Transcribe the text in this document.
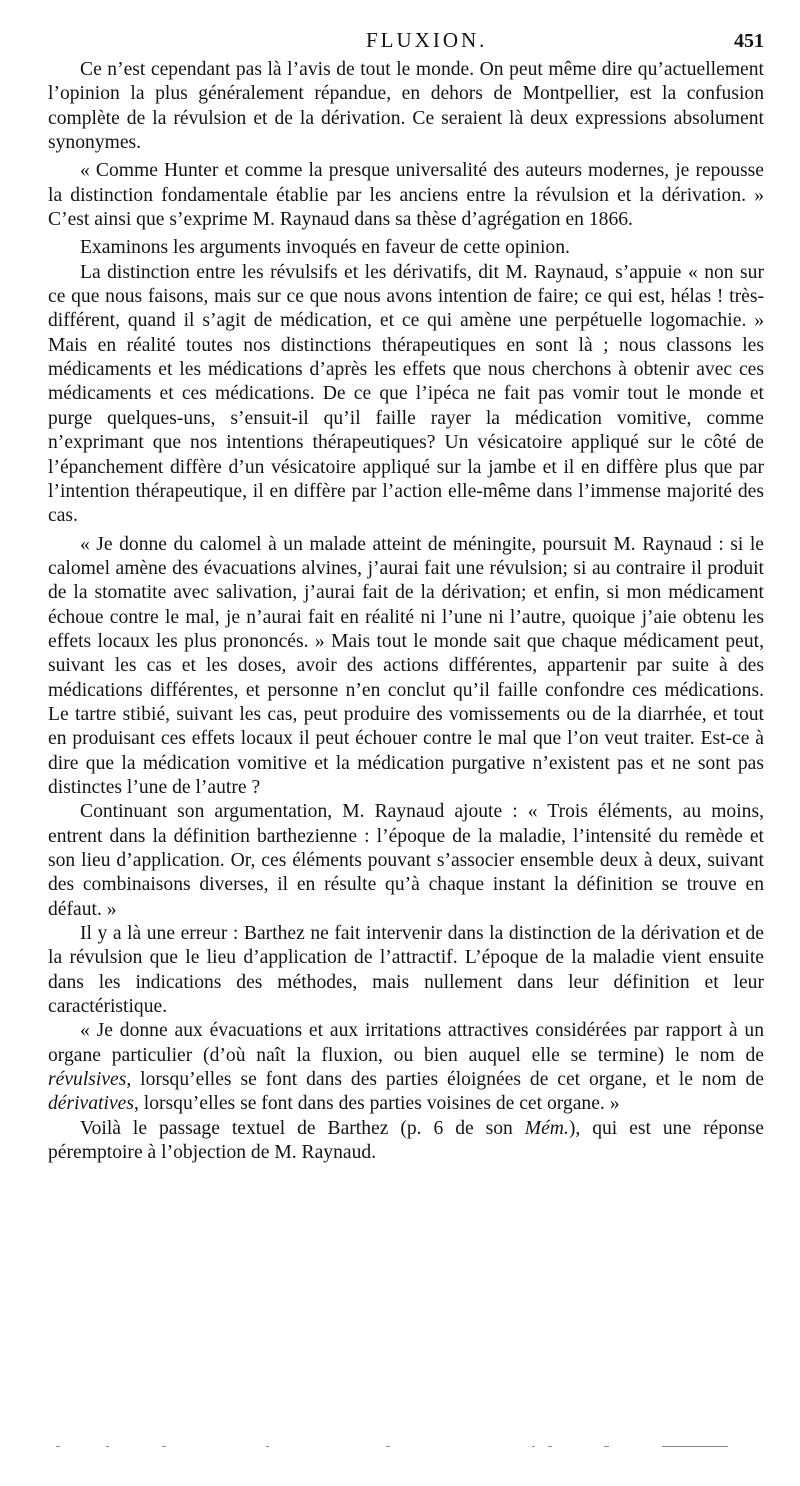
FLUXION.	451

Ce n’est cependant pas là l’avis de tout le monde. On peut même dire qu’actuellement l’opinion la plus généralement répandue, en dehors de Montpellier, est la confusion complète de la révulsion et de la dérivation. Ce seraient là deux expressions absolument synonymes.

« Comme Hunter et comme la presque universalité des auteurs modernes, je repousse la distinction fondamentale établie par les anciens entre la révulsion et la dérivation. » C’est ainsi que s’exprime M. Raynaud dans sa thèse d’agrégation en 1866.

Examinons les arguments invoqués en faveur de cette opinion.

La distinction entre les révulsifs et les dérivatifs, dit M. Raynaud, s’appuie « non sur ce que nous faisons, mais sur ce que nous avons intention de faire; ce qui est, hélas ! très-différent, quand il s’agit de médication, et ce qui amène une perpétuelle logomachie. » Mais en réalité toutes nos distinctions thérapeutiques en sont là ; nous classons les médicaments et les médications d’après les effets que nous cherchons à obtenir avec ces médicaments et ces médications. De ce que l’ipéca ne fait pas vomir tout le monde et purge quelques-uns, s’ensuit-il qu’il faille rayer la médication vomitive, comme n’exprimant que nos intentions thérapeutiques? Un vésicatoire appliqué sur le côté de l’épanchement diffère d’un vésicatoire appliqué sur la jambe et il en diffère plus que par l’intention thérapeutique, il en diffère par l’action elle-même dans l’immense majorité des cas.

« Je donne du calomel à un malade atteint de méningite, poursuit M. Raynaud : si le calomel amène des évacuations alvines, j’aurai fait une révulsion; si au contraire il produit de la stomatite avec salivation, j’aurai fait de la dérivation; et enfin, si mon médicament échoue contre le mal, je n’aurai fait en réalité ni l’une ni l’autre, quoique j’aie obtenu les effets locaux les plus prononcés. » Mais tout le monde sait que chaque médicament peut, suivant les cas et les doses, avoir des actions différentes, appartenir par suite à des médications différentes, et personne n’en conclut qu’il faille confondre ces médications. Le tartre stibié, suivant les cas, peut produire des vomissements ou de la diarrhée, et tout en produisant ces effets locaux il peut échouer contre le mal que l’on veut traiter. Est-ce à dire que la médication vomitive et la médication purgative n’existent pas et ne sont pas distinctes l’une de l’autre ?

Continuant son argumentation, M. Raynaud ajoute : « Trois éléments, au moins, entrent dans la définition barthezienne : l’époque de la maladie, l’intensité du remède et son lieu d’application. Or, ces éléments pouvant s’associer ensemble deux à deux, suivant des combinaisons diverses, il en résulte qu’à chaque instant la définition se trouve en défaut. »

Il y a là une erreur : Barthez ne fait intervenir dans la distinction de la dérivation et de la révulsion que le lieu d’application de l’attractif. L’époque de la maladie vient ensuite dans les indications des méthodes, mais nullement dans leur définition et leur caractéristique.

« Je donne aux évacuations et aux irritations attractives considérées par rapport à un organe particulier (d’où naît la fluxion, ou bien auquel elle se termine) le nom de révulsives, lorsqu’elles se font dans des parties éloignées de cet organe, et le nom de dérivatives, lorsqu’elles se font dans des parties voisines de cet organe. »

Voilà le passage textuel de Barthez (p. 6 de son Mém.), qui est une réponse péremptoire à l’objection de M. Raynaud.
